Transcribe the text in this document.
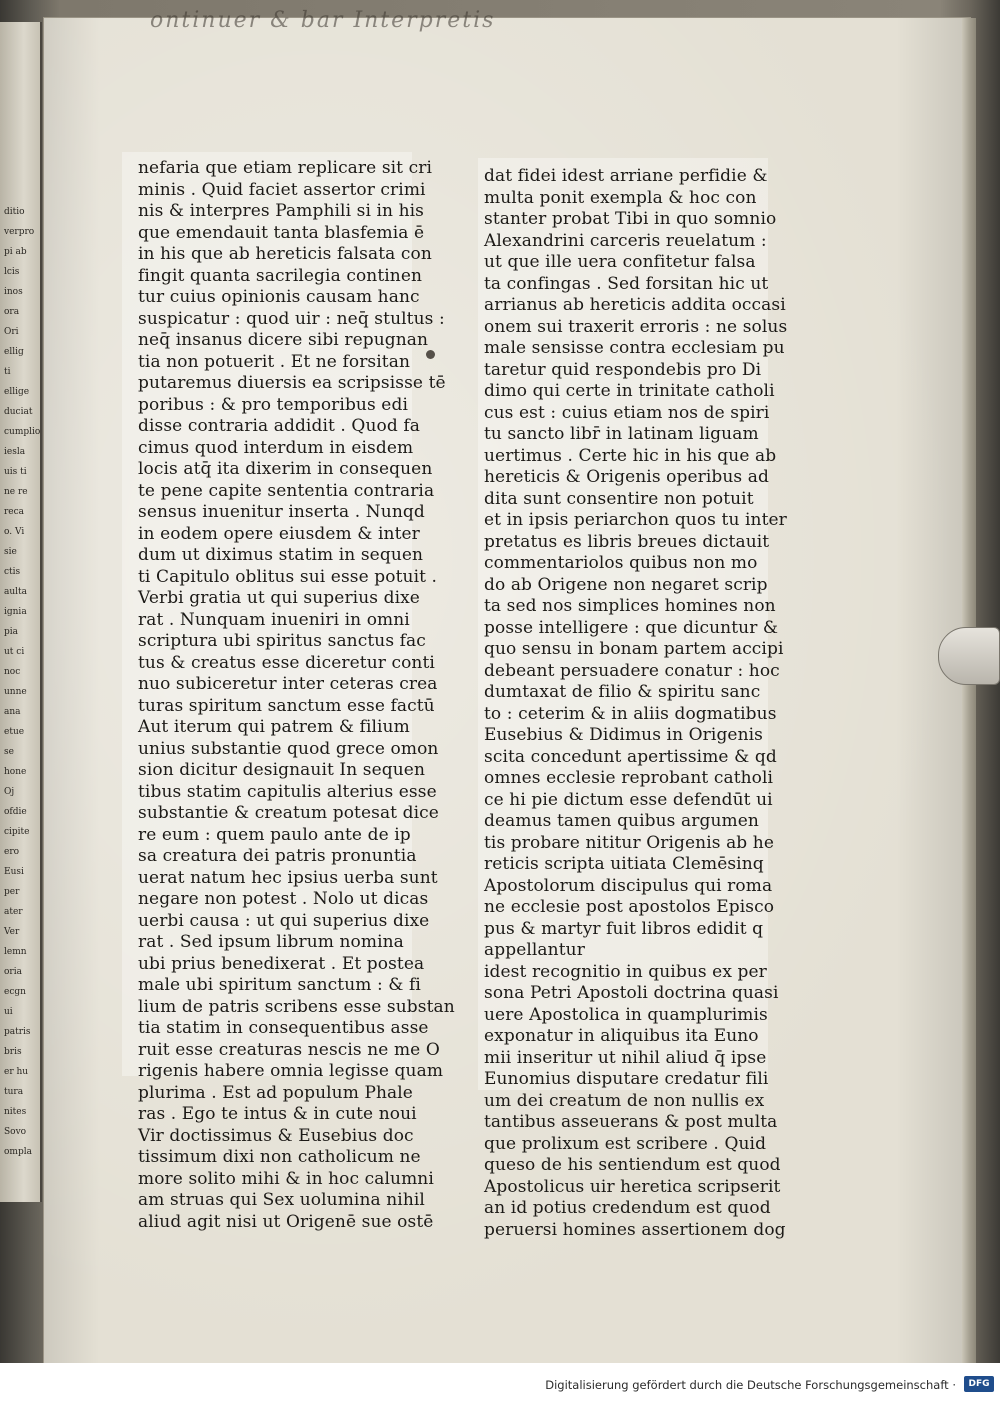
ditio
verpro
pi ab
lcis
inos
ora
Ori
ellig
ti
ellige
duciat
cumplio
iesla
uis ti
ne re
reca
o. Vi
sie
ctis
aulta
ignia
pia
ut ci
noc
unne
ana
etue
se
hone
Oj
ofdie
cipite
ero
Eusi
per
ater
Ver
lemn
oria
ecgn
ui
patris
bris
er hu
tura
nites
Sovo
ompla
ontinuer & bar Interpretis
nefaria que etiam replicare sit cri
minis . Quid faciet assertor crimi
nis & interpres Pamphili si in his
que emendauit tanta blasfemia ē
in his que ab hereticis falsata con
fingit quanta sacrilegia continen
tur cuius opinionis causam hanc
suspicatur : quod uir : neq̄ stultus :
neq̄ insanus dicere sibi repugnan
tia non potuerit . Et ne forsitan
putaremus diuersis ea scripsisse tē
poribus : & pro temporibus edi
disse contraria addidit . Quod fa
cimus quod interdum in eisdem
locis atq̄ ita dixerim in consequen
te pene capite sententia contraria
sensus inuenitur inserta . Nunqd
in eodem opere eiusdem & inter
dum ut diximus statim in sequen
ti Capitulo oblitus sui esse potuit .
Verbi gratia ut qui superius dixe
rat . Nunquam inueniri in omni
scriptura ubi spiritus sanctus fac
tus & creatus esse diceretur conti
nuo subiceretur inter ceteras crea
turas spiritum sanctum esse factū
Aut iterum qui patrem & filium
unius substantie quod grece omon
sion dicitur designauit In sequen
tibus statim capitulis alterius esse
substantie & creatum potesat dice
re eum : quem paulo ante de ip
sa creatura dei patris pronuntia
uerat natum hec ipsius uerba sunt
negare non potest . Nolo ut dicas
uerbi causa : ut qui superius dixe
rat . Sed ipsum librum nomina
ubi prius benedixerat . Et postea
male ubi spiritum sanctum : & fi
lium de patris scribens esse substan
tia statim in consequentibus asse
ruit esse creaturas nescis ne me O
rigenis habere omnia legisse quam
plurima . Est ad populum Phale
ras . Ego te intus & in cute noui
Vir doctissimus & Eusebius doc
tissimum dixi non catholicum ne
more solito mihi & in hoc calumni
am struas qui Sex uolumina nihil
aliud agit nisi ut Origenē sue ostē
dat fidei idest arriane perfidie &
multa ponit exempla & hoc con
stanter probat Tibi in quo somnio
Alexandrini carceris reuelatum :
ut que ille uera confitetur falsa
ta confingas . Sed forsitan hic ut
arrianus ab hereticis addita occasi
onem sui traxerit erroris : ne solus
male sensisse contra ecclesiam pu
taretur quid respondebis pro Di
dimo qui certe in trinitate catholi
cus est : cuius etiam nos de spiri
tu sancto libr̄ in latinam liguam
uertimus . Certe hic in his que ab
hereticis & Origenis operibus ad
dita sunt consentire non potuit
et in ipsis periarchon quos tu inter
pretatus es libris breues dictauit
commentariolos quibus non mo
do ab Origene non negaret scrip
ta sed nos simplices homines non
posse intelligere : que dicuntur &
quo sensu in bonam partem accipi
debeant persuadere conatur : hoc
dumtaxat de filio & spiritu sanc
to : ceterim & in aliis dogmatibus
Eusebius & Didimus in Origenis
scita concedunt apertissime & qd
omnes ecclesie reprobant catholi
ce hi pie dictum esse defendūt ui
deamus tamen quibus argumen
tis probare nititur Origenis ab he
reticis scripta uitiata Clemēsinq
Apostolorum discipulus qui roma
ne ecclesie post apostolos Episco
pus & martyr fuit libros edidit q
appellantur
idest recognitio in quibus ex per
sona Petri Apostoli doctrina quasi
uere Apostolica in quamplurimis
exponatur in aliquibus ita Euno
mii inseritur ut nihil aliud q̄ ipse
Eunomius disputare credatur fili
um dei creatum de non nullis ex
tantibus asseuerans & post multa
que prolixum est scribere . Quid
queso de his sentiendum est quod
Apostolicus uir heretica scripserit
an id potius credendum est quod
peruersi homines assertionem dog
Digitalisierung gefördert durch die Deutsche Forschungsgemeinschaft ·	DFG
